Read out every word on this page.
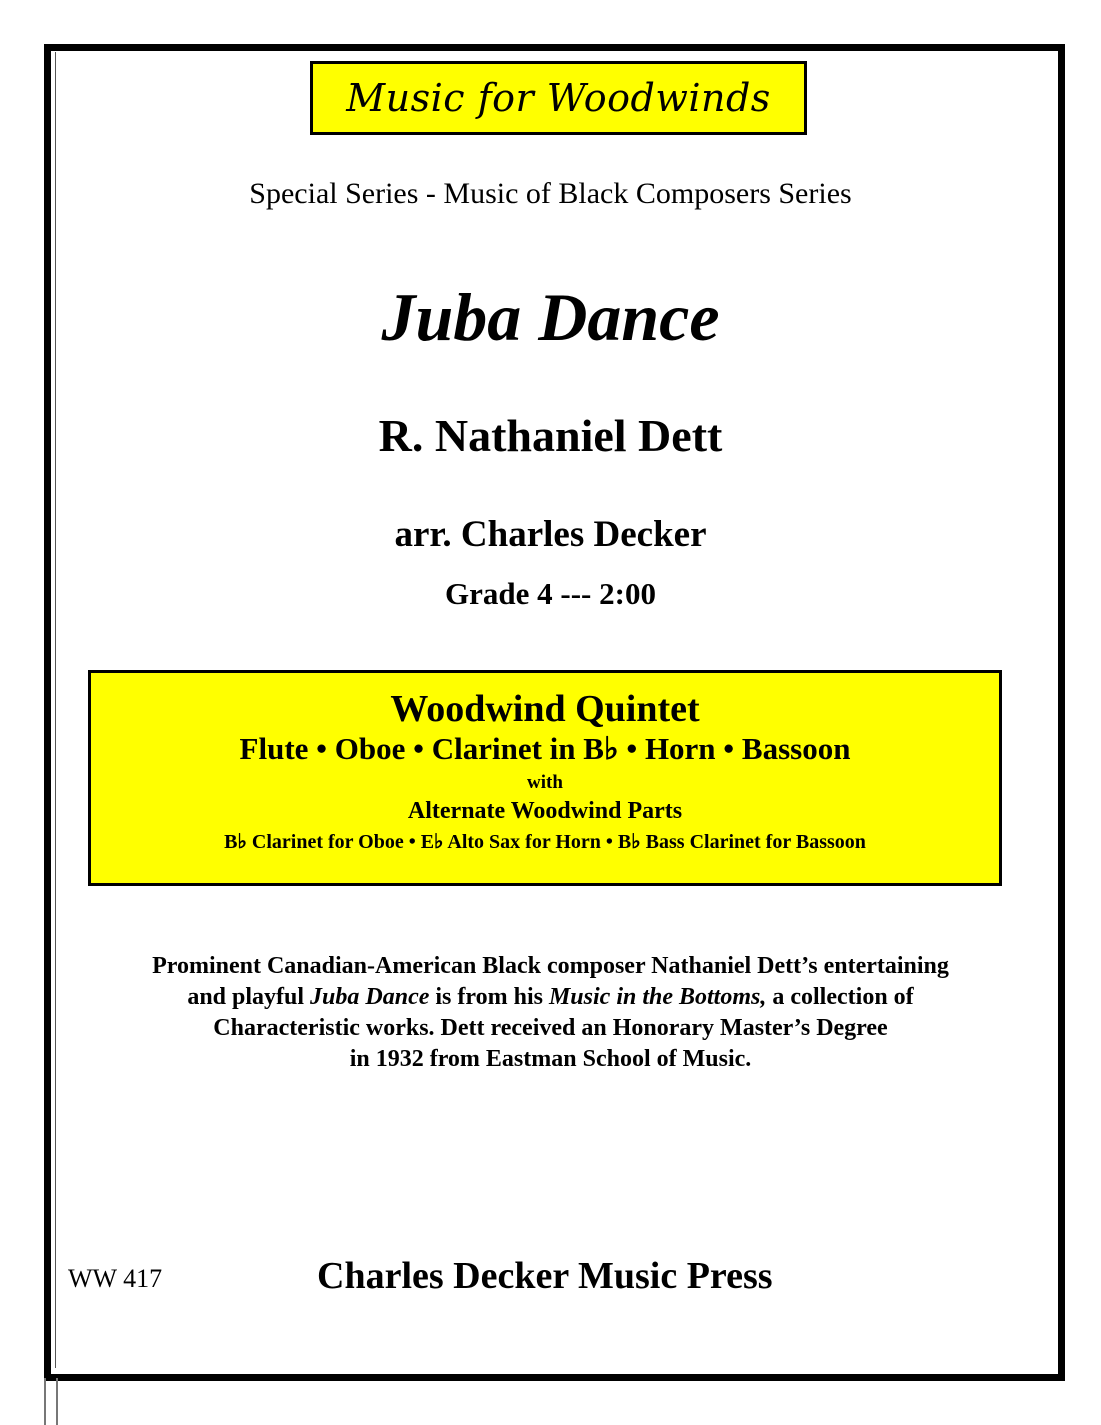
Music for Woodwinds
Special Series - Music of Black Composers Series
Juba Dance
R. Nathaniel Dett
arr. Charles Decker
Grade 4 --- 2:00
Woodwind Quintet
Flute • Oboe • Clarinet in B♭ • Horn • Bassoon
with
Alternate Woodwind Parts
B♭ Clarinet for Oboe • E♭ Alto Sax for Horn • B♭ Bass Clarinet for Bassoon

Prominent Canadian-American Black composer Nathaniel Dett’s entertaining

and playful Juba Dance is from his Music in the Bottoms, a collection of

Characteristic works. Dett received an Honorary Master’s Degree

in 1932 from Eastman School of Music.

WW 417	Charles Decker Music Press
